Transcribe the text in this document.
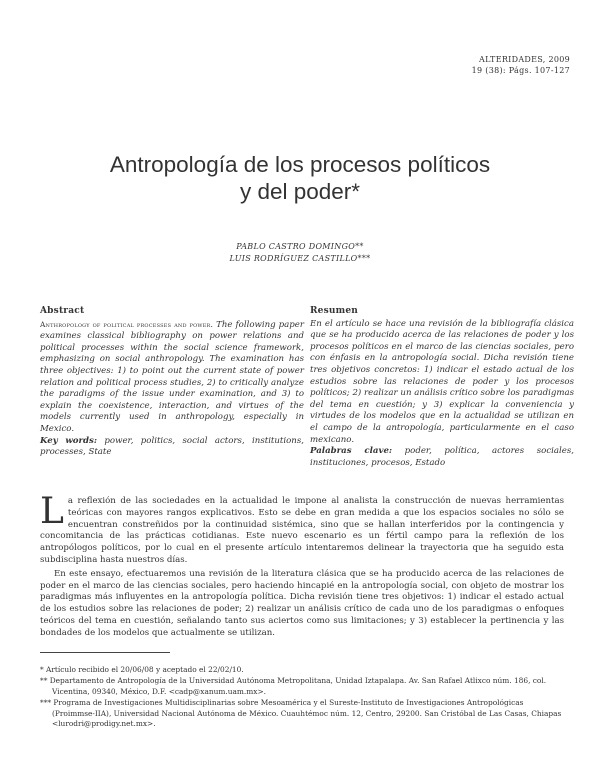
ALTERIDADES, 2009
19 (38): Págs. 107-127
Antropología de los procesos políticos
y del poder*
PABLO CASTRO DOMINGO**
LUIS RODRÍGUEZ CASTILLO***
Abstract
Anthropology of political processes and power. The following paper examines classical bibliography on power relations and political processes within the social science framework, emphasizing on social anthropology. The examination has three objectives: 1) to point out the current state of power relation and political process studies, 2) to critically analyze the paradigms of the issue under examination, and 3) to explain the coexistence, interaction, and virtues of the models currently used in anthropology, especially in Mexico.
Key words: power, politics, social actors, institutions, processes, State
Resumen
En el artículo se hace una revisión de la bibliografía clásica que se ha producido acerca de las relaciones de poder y los procesos políticos en el marco de las ciencias sociales, pero con énfasis en la antropología social. Dicha revisión tiene tres objetivos concretos: 1) indicar el estado actual de los estudios sobre las relaciones de poder y los procesos políticos; 2) realizar un análisis crítico sobre los paradigmas del tema en cuestión; y 3) explicar la conveniencia y virtudes de los modelos que en la actualidad se utilizan en el campo de la antropología, particularmente en el caso mexicano.
Palabras clave: poder, política, actores sociales, instituciones, procesos, Estado

La reflexión de las sociedades en la actualidad le impone al analista la construcción de nuevas herramientas teóricas con mayores rangos explicativos. Esto se debe en gran medida a que los espacios sociales no sólo se encuentran constreñidos por la continuidad sistémica, sino que se hallan interferidos por la contingencia y concomitancia de las prácticas cotidianas. Este nuevo escenario es un fértil campo para la reflexión de los antropólogos políticos, por lo cual en el presente artículo intentaremos delinear la trayectoria que ha seguido esta subdisciplina hasta nuestros días.

En este ensayo, efectuaremos una revisión de la literatura clásica que se ha producido acerca de las relaciones de poder en el marco de las ciencias sociales, pero haciendo hincapié en la antropología social, con objeto de mostrar los paradigmas más influyentes en la antropología política. Dicha revisión tiene tres objetivos: 1) indicar el estado actual de los estudios sobre las relaciones de poder; 2) realizar un análisis crítico de cada uno de los paradigmas o enfoques teóricos del tema en cuestión, señalando tanto sus aciertos como sus limitaciones; y 3) establecer la pertinencia y las bondades de los modelos que actualmente se utilizan.

* Artículo recibido el 20/06/08 y aceptado el 22/02/10.

** Departamento de Antropología de la Universidad Autónoma Metropolitana, Unidad Iztapalapa. Av. San Rafael Atlixco núm. 186, col. Vicentina, 09340, México, D.F. <cadp@xanum.uam.mx>.

*** Programa de Investigaciones Multidisciplinarias sobre Mesoamérica y el Sureste-Instituto de Investigaciones Antropológicas (Proimmse-IIA), Universidad Nacional Autónoma de México. Cuauhtémoc núm. 12, Centro, 29200. San Cristóbal de Las Casas, Chiapas <lurodri@prodigy.net.mx>.
